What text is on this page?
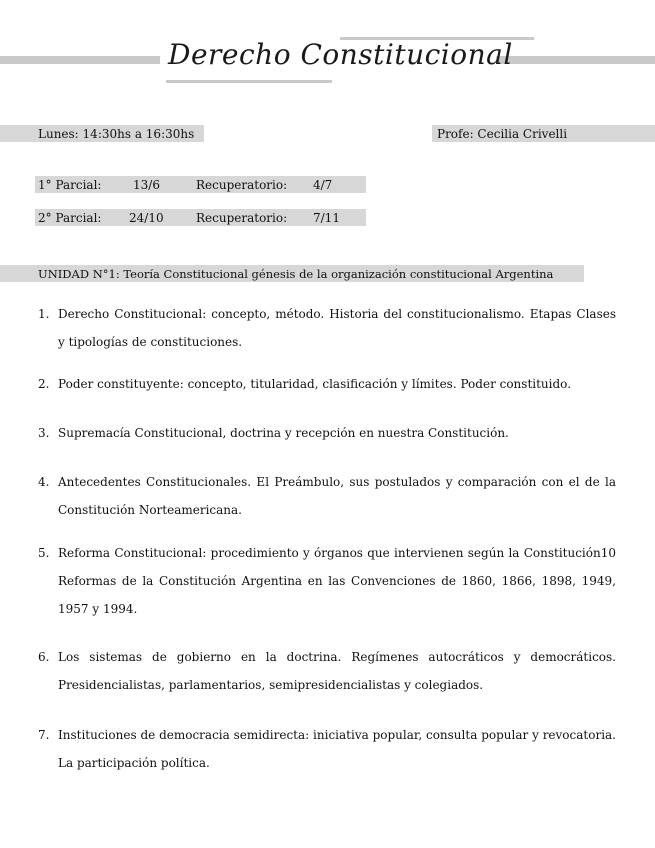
Derecho Constitucional
Lunes: 14:30hs a 16:30hs	Profe: Cecilia Crivelli
1° Parcial:	13/6	Recuperatorio: 4/7
2° Parcial: 24/10	Recuperatorio: 7/11
UNIDAD N°1: Teoría Constitucional génesis de la organización constitucional Argentina
1. Derecho Constitucional: concepto, método. Historia del constitucionalismo. Etapas Clases y tipologías de constituciones.
2. Poder constituyente: concepto, titularidad, clasificación y límites. Poder constituido.
3. Supremacía Constitucional, doctrina y recepción en nuestra Constitución.
4. Antecedentes Constitucionales. El Preámbulo, sus postulados y comparación con el de la Constitución Norteamericana.
5. Reforma Constitucional: procedimiento y órganos que intervienen según la Constitución10 Reformas de la Constitución Argentina en las Convenciones de 1860, 1866, 1898, 1949, 1957 y 1994.
6. Los sistemas de gobierno en la doctrina. Regímenes autocráticos y democráticos. Presidencialistas, parlamentarios, semipresidencialistas y colegiados.
7. Instituciones de democracia semidirecta: iniciativa popular, consulta popular y revocatoria. La participación política.
